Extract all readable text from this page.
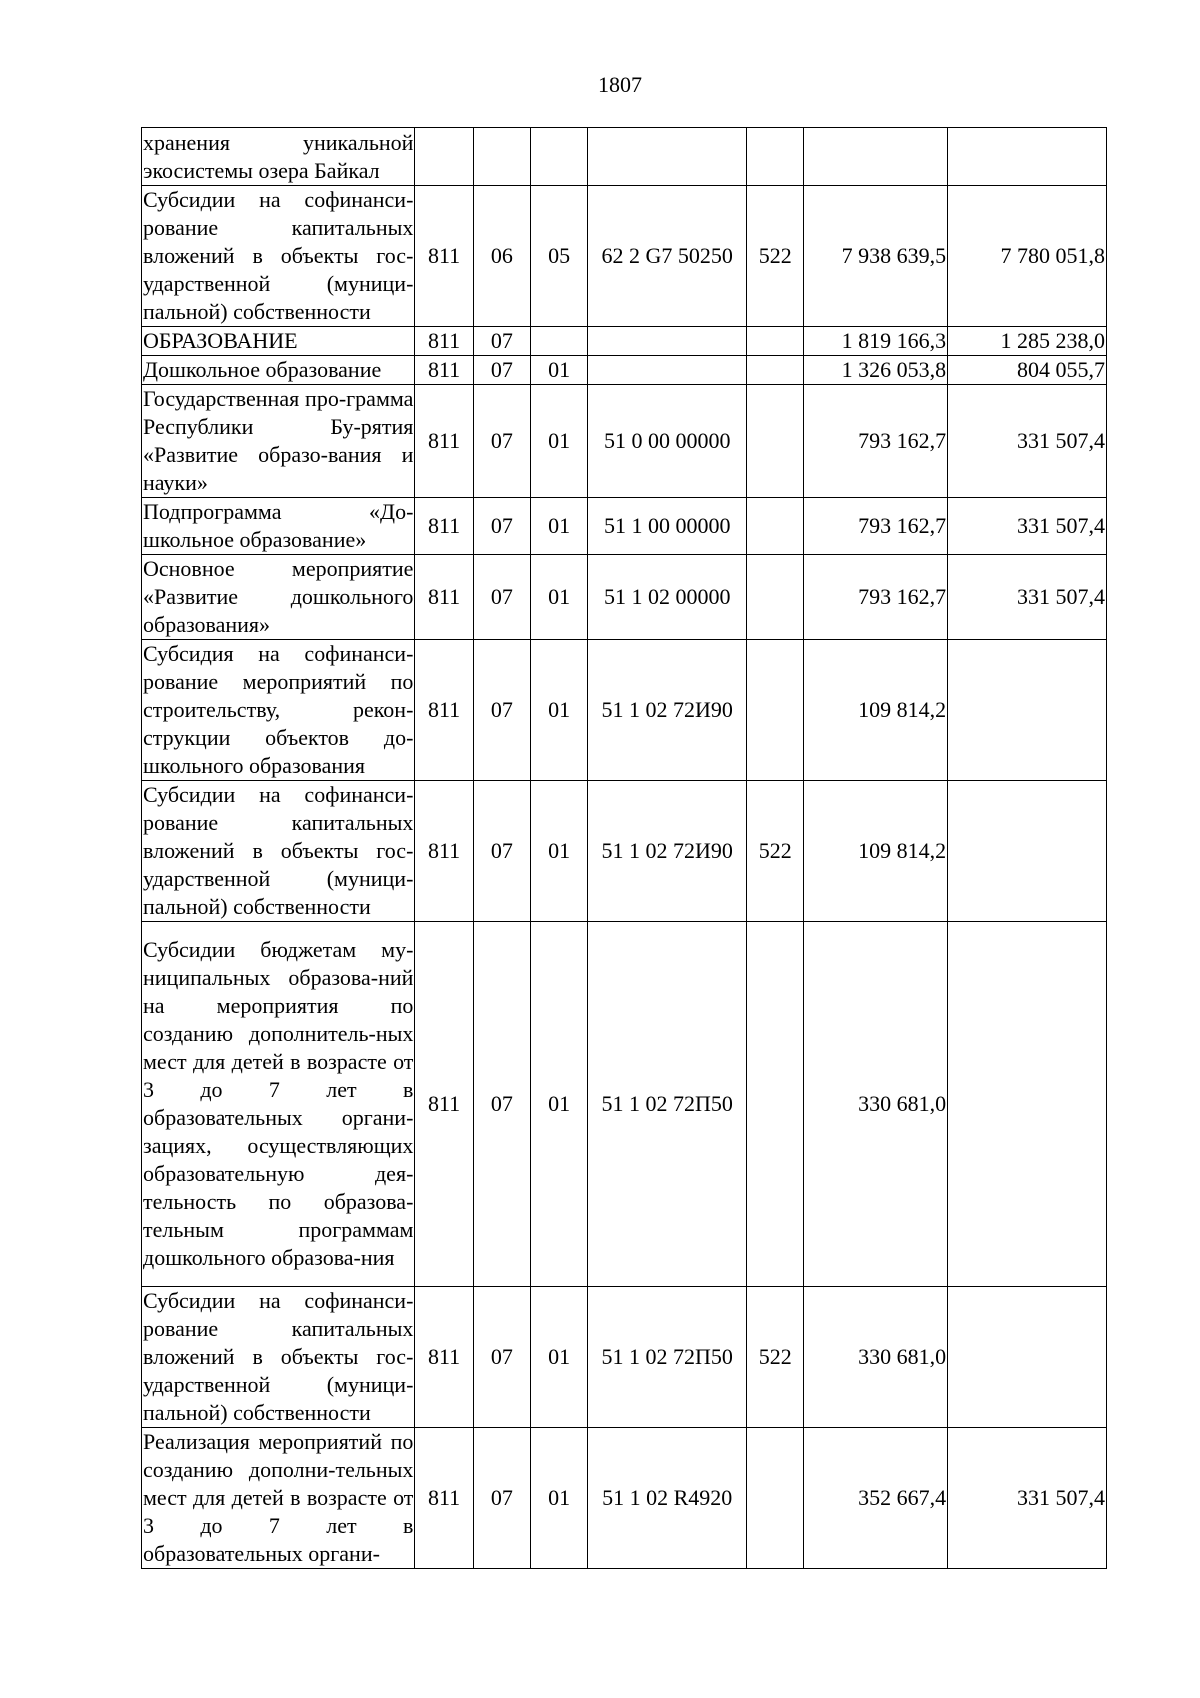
1807
хранения уникальной экосистемы озера Байкал							
Субсидии на софинанси-рование капитальных вложений в объекты гос-ударственной (муници-пальной) собственности	811	06	05	62 2 G7 50250	522	7 938 639,5	7 780 051,8
ОБРАЗОВАНИЕ	811	07				1 819 166,3	1 285 238,0
Дошкольное образование	811	07	01			1 326 053,8	804 055,7
Государственная про-грамма Республики Бу-рятия «Развитие образо-вания и науки»	811	07	01	51 0 00 00000		793 162,7	331 507,4
Подпрограмма «До-школьное образование»	811	07	01	51 1 00 00000		793 162,7	331 507,4
Основное мероприятие «Развитие дошкольного образования»	811	07	01	51 1 02 00000		793 162,7	331 507,4
Субсидия на софинанси-рование мероприятий по строительству, рекон-струкции объектов до-школьного образования	811	07	01	51 1 02 72И90		109 814,2	
Субсидии на софинанси-рование капитальных вложений в объекты гос-ударственной (муници-пальной) собственности	811	07	01	51 1 02 72И90	522	109 814,2	
Субсидии бюджетам му-ниципальных образова-ний на мероприятия по созданию дополнитель-ных мест для детей в возрасте от 3 до 7 лет в образовательных органи-зациях, осуществляющих образовательную дея-тельность по образова-тельным программам дошкольного образова-ния	811	07	01	51 1 02 72П50		330 681,0	
Субсидии на софинанси-рование капитальных вложений в объекты гос-ударственной (муници-пальной) собственности	811	07	01	51 1 02 72П50	522	330 681,0	
Реализация мероприятий по созданию дополни-тельных мест для детей в возрасте от 3 до 7 лет в образовательных органи-	811	07	01	51 1 02 R4920		352 667,4	331 507,4
